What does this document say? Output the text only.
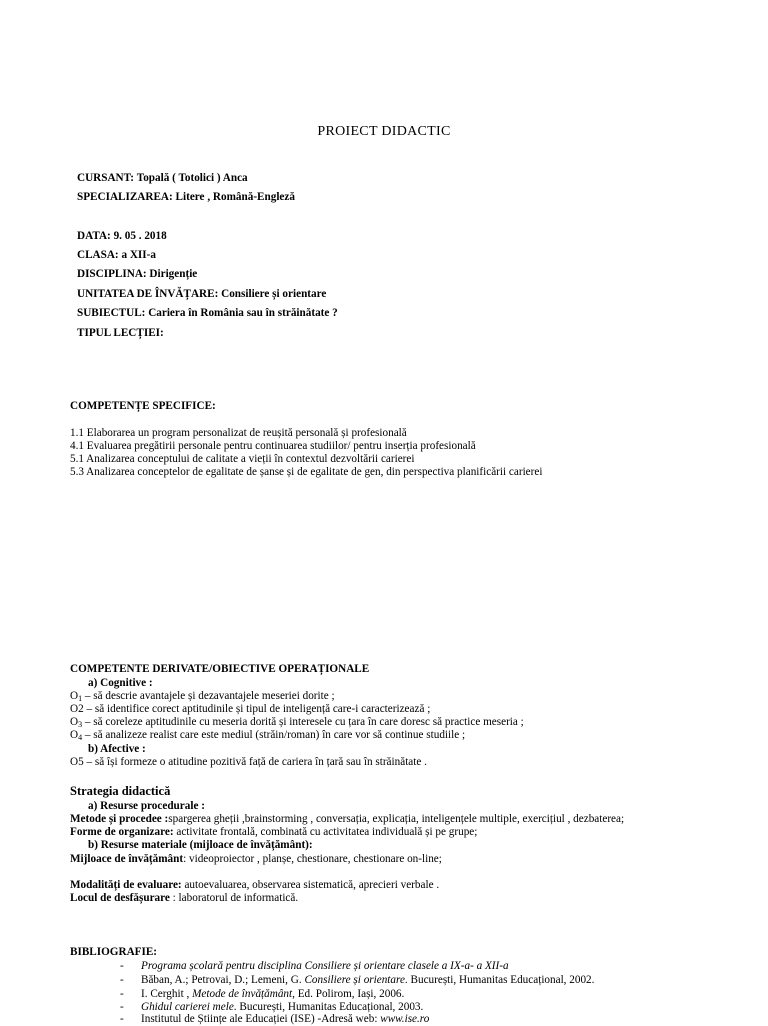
PROIECT DIDACTIC
CURSANT: Topală ( Totolici ) Anca
SPECIALIZAREA: Litere , Română-Engleză
DATA: 9. 05 . 2018
CLASA: a XII-a
DISCIPLINA: Dirigenție
UNITATEA DE ÎNVĂȚARE: Consiliere și orientare
SUBIECTUL: Cariera în România sau în străinătate ?
TIPUL LECȚIEI:
COMPETENȚE SPECIFICE:
1.1 Elaborarea un program personalizat de reușită personală și profesională
4.1 Evaluarea pregătirii personale pentru continuarea studiilor/ pentru inserția profesională
5.1 Analizarea conceptului de calitate a vieții în contextul dezvoltării carierei
5.3 Analizarea conceptelor de egalitate de șanse și de egalitate de gen, din perspectiva planificării carierei
COMPETENTE DERIVATE/OBIECTIVE OPERAȚIONALE
a) Cognitive :
$O_1$ – să descrie avantajele și dezavantajele meseriei dorite ;
O2 – să identifice corect aptitudinile și tipul de inteligență care-i caracterizează ;
$O_3$ – să coreleze aptitudinile cu meseria dorită și interesele cu țara în care doresc să practice meseria ;
$O_4$ – să analizeze realist care este mediul (străin/roman) în care vor să continue studiile ;
b) Afective :
O5 – să își formeze o atitudine pozitivă față de cariera în țară sau în străinătate .
Strategia didactică
a) Resurse procedurale :
Metode și procedee :spargerea gheții ,brainstorming , conversația, explicația, inteligențele multiple, exercițiul , dezbaterea;
Forme de organizare: activitate frontală, combinată cu activitatea individuală și pe grupe;
b) Resurse materiale (mijloace de învățământ):
Mijloace de învățământ: videoproiector , planșe, chestionare, chestionare on-line;
Modalități de evaluare: autoevaluarea, observarea sistematică, aprecieri verbale .
Locul de desfășurare : laboratorul de informatică.
BIBLIOGRAFIE:
- Programa școlară pentru disciplina Consiliere și orientare clasele a IX-a- a XII-a
- Băban, A.; Petrovai, D.; Lemeni, G. Consiliere și orientare. București, Humanitas Educațional, 2002.
- I. Cerghit , Metode de învățământ, Ed. Polirom, Iași, 2006.
- Ghidul carierei mele. București, Humanitas Educațional, 2003.
- Institutul de Științe ale Educației (ISE) -Adresă web: www.ise.ro
